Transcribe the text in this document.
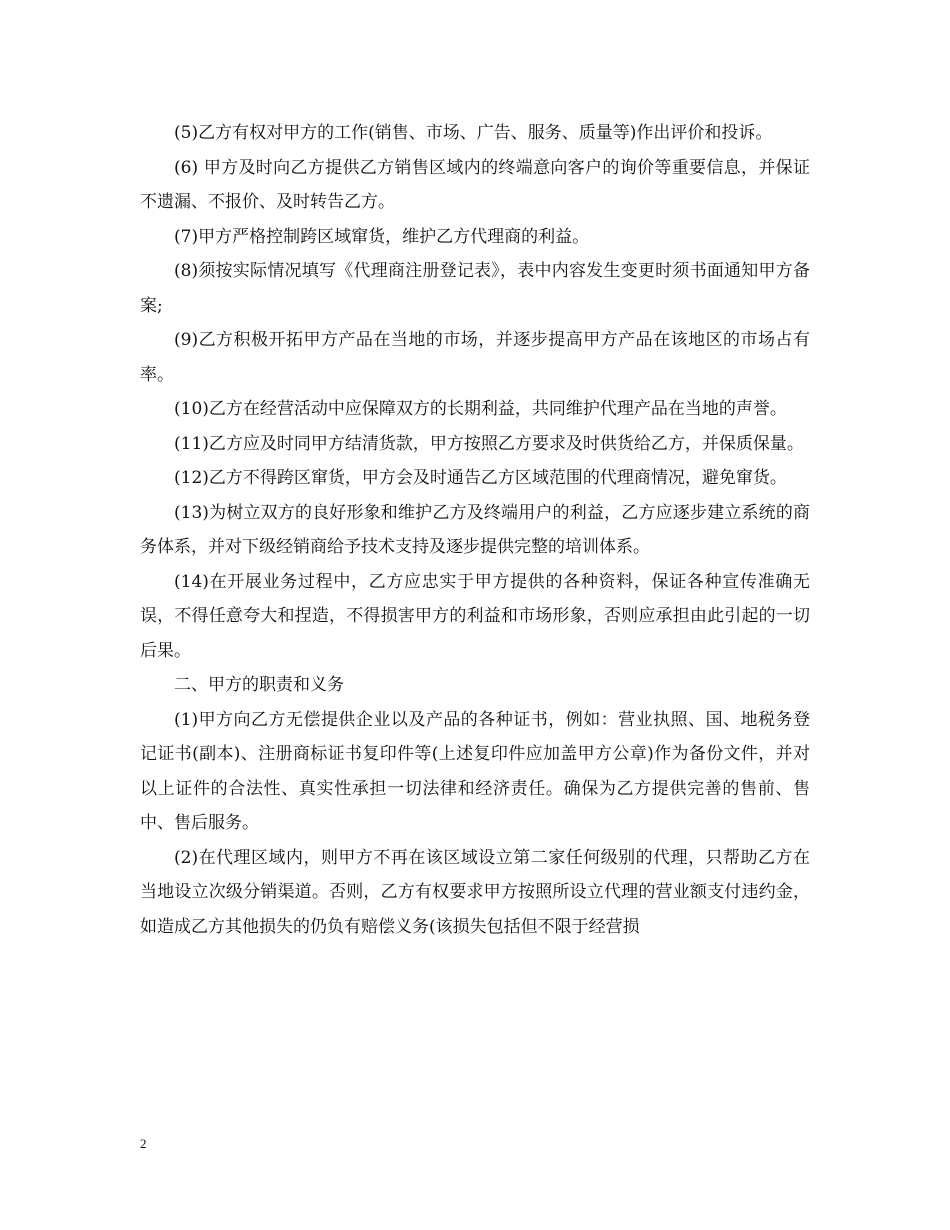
(5)乙方有权对甲方的工作(销售、市场、广告、服务、质量等)作出评价和投诉。

(6) 甲方及时向乙方提供乙方销售区域内的终端意向客户的询价等重要信息，并保证不遗漏、不报价、及时转告乙方。

(7)甲方严格控制跨区域窜货，维护乙方代理商的利益。

(8)须按实际情况填写《代理商注册登记表》，表中内容发生变更时须书面通知甲方备案;

(9)乙方积极开拓甲方产品在当地的市场，并逐步提高甲方产品在该地区的市场占有率。

(10)乙方在经营活动中应保障双方的长期利益，共同维护代理产品在当地的声誉。

(11)乙方应及时同甲方结清货款，甲方按照乙方要求及时供货给乙方，并保质保量。

(12)乙方不得跨区窜货，甲方会及时通告乙方区域范围的代理商情况，避免窜货。

(13)为树立双方的良好形象和维护乙方及终端用户的利益，乙方应逐步建立系统的商务体系，并对下级经销商给予技术支持及逐步提供完整的培训体系。

(14)在开展业务过程中，乙方应忠实于甲方提供的各种资料，保证各种宣传准确无误，不得任意夸大和捏造，不得损害甲方的利益和市场形象，否则应承担由此引起的一切后果。

二、甲方的职责和义务

(1)甲方向乙方无偿提供企业以及产品的各种证书，例如：营业执照、国、地税务登记证书(副本)、注册商标证书复印件等(上述复印件应加盖甲方公章)作为备份文件，并对以上证件的合法性、真实性承担一切法律和经济责任。确保为乙方提供完善的售前、售中、售后服务。

(2)在代理区域内，则甲方不再在该区域设立第二家任何级别的代理，只帮助乙方在当地设立次级分销渠道。否则，乙方有权要求甲方按照所设立代理的营业额支付违约金，如造成乙方其他损失的仍负有赔偿义务(该损失包括但不限于经营损

2
